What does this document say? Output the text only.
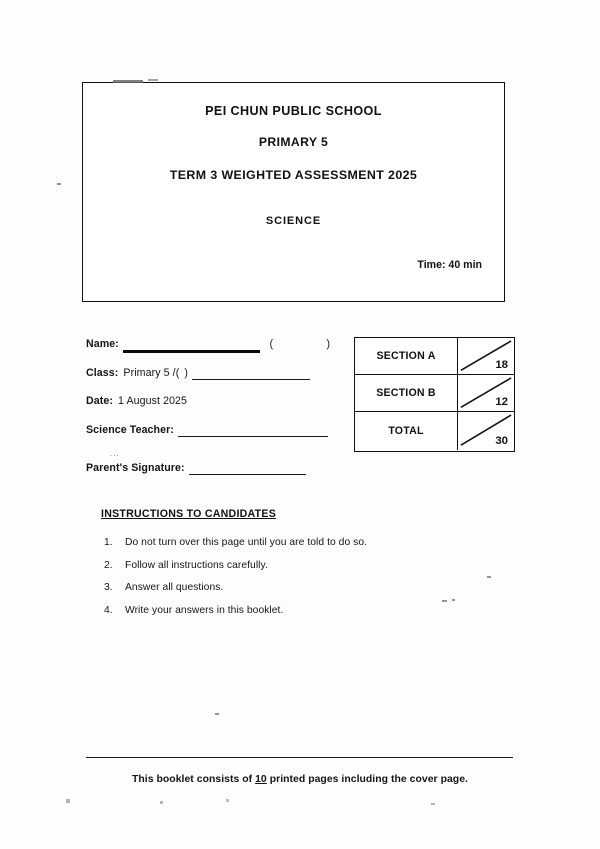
PEI CHUN PUBLIC SCHOOL
PRIMARY 5
TERM 3 WEIGHTED ASSESSMENT 2025
SCIENCE
Time: 40 min
Name:	(   )
Class: Primary 5 /( )
Date: 1 August 2025
Science Teacher:
...
Parent's Signature:
SECTION A
18
SECTION B
12
TOTAL
30
INSTRUCTIONS TO CANDIDATES
1. Do not turn over this page until you are told to do so.
2. Follow all instructions carefully.
3. Answer all questions.
4. Write your answers in this booklet.
This booklet consists of 10 printed pages including the cover page.
